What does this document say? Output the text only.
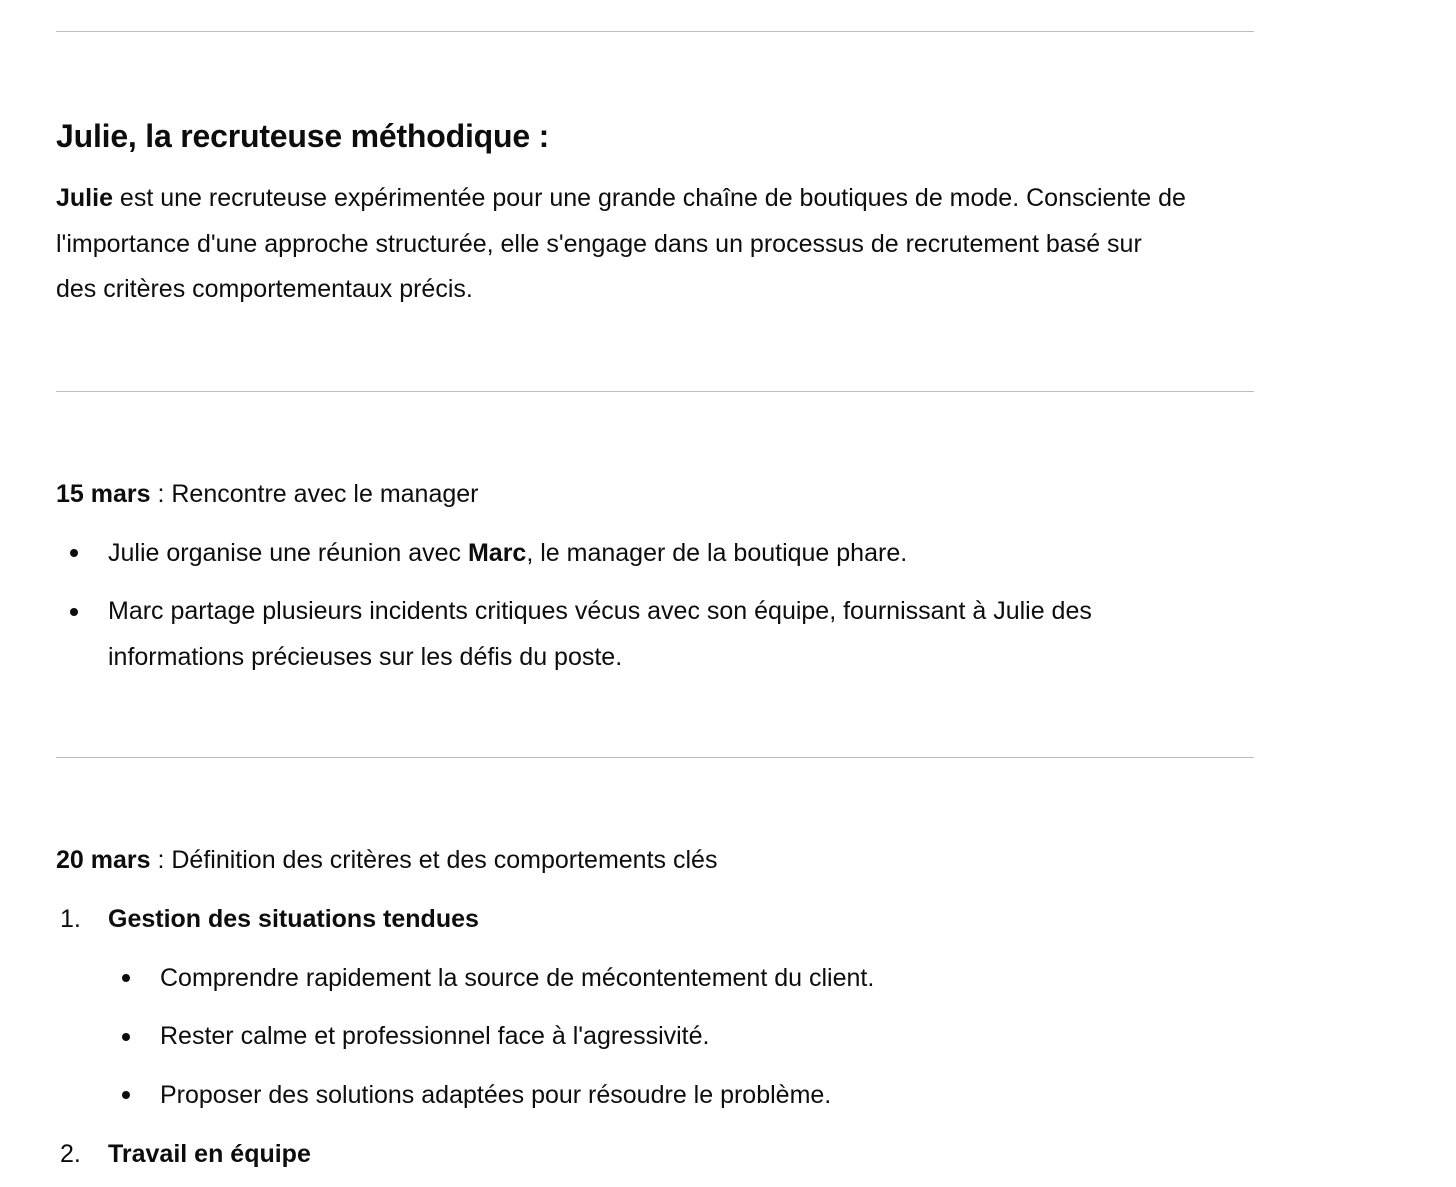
Julie, la recruteuse méthodique :
Julie est une recruteuse expérimentée pour une grande chaîne de boutiques de mode. Consciente de
l'importance d'une approche structurée, elle s'engage dans un processus de recrutement basé sur
des critères comportementaux précis.
15 mars : Rencontre avec le manager
Julie organise une réunion avec Marc, le manager de la boutique phare.
Marc partage plusieurs incidents critiques vécus avec son équipe, fournissant à Julie des
informations précieuses sur les défis du poste.
20 mars : Définition des critères et des comportements clés
1. Gestion des situations tendues
Comprendre rapidement la source de mécontentement du client.
Rester calme et professionnel face à l'agressivité.
Proposer des solutions adaptées pour résoudre le problème.
2. Travail en équipe
